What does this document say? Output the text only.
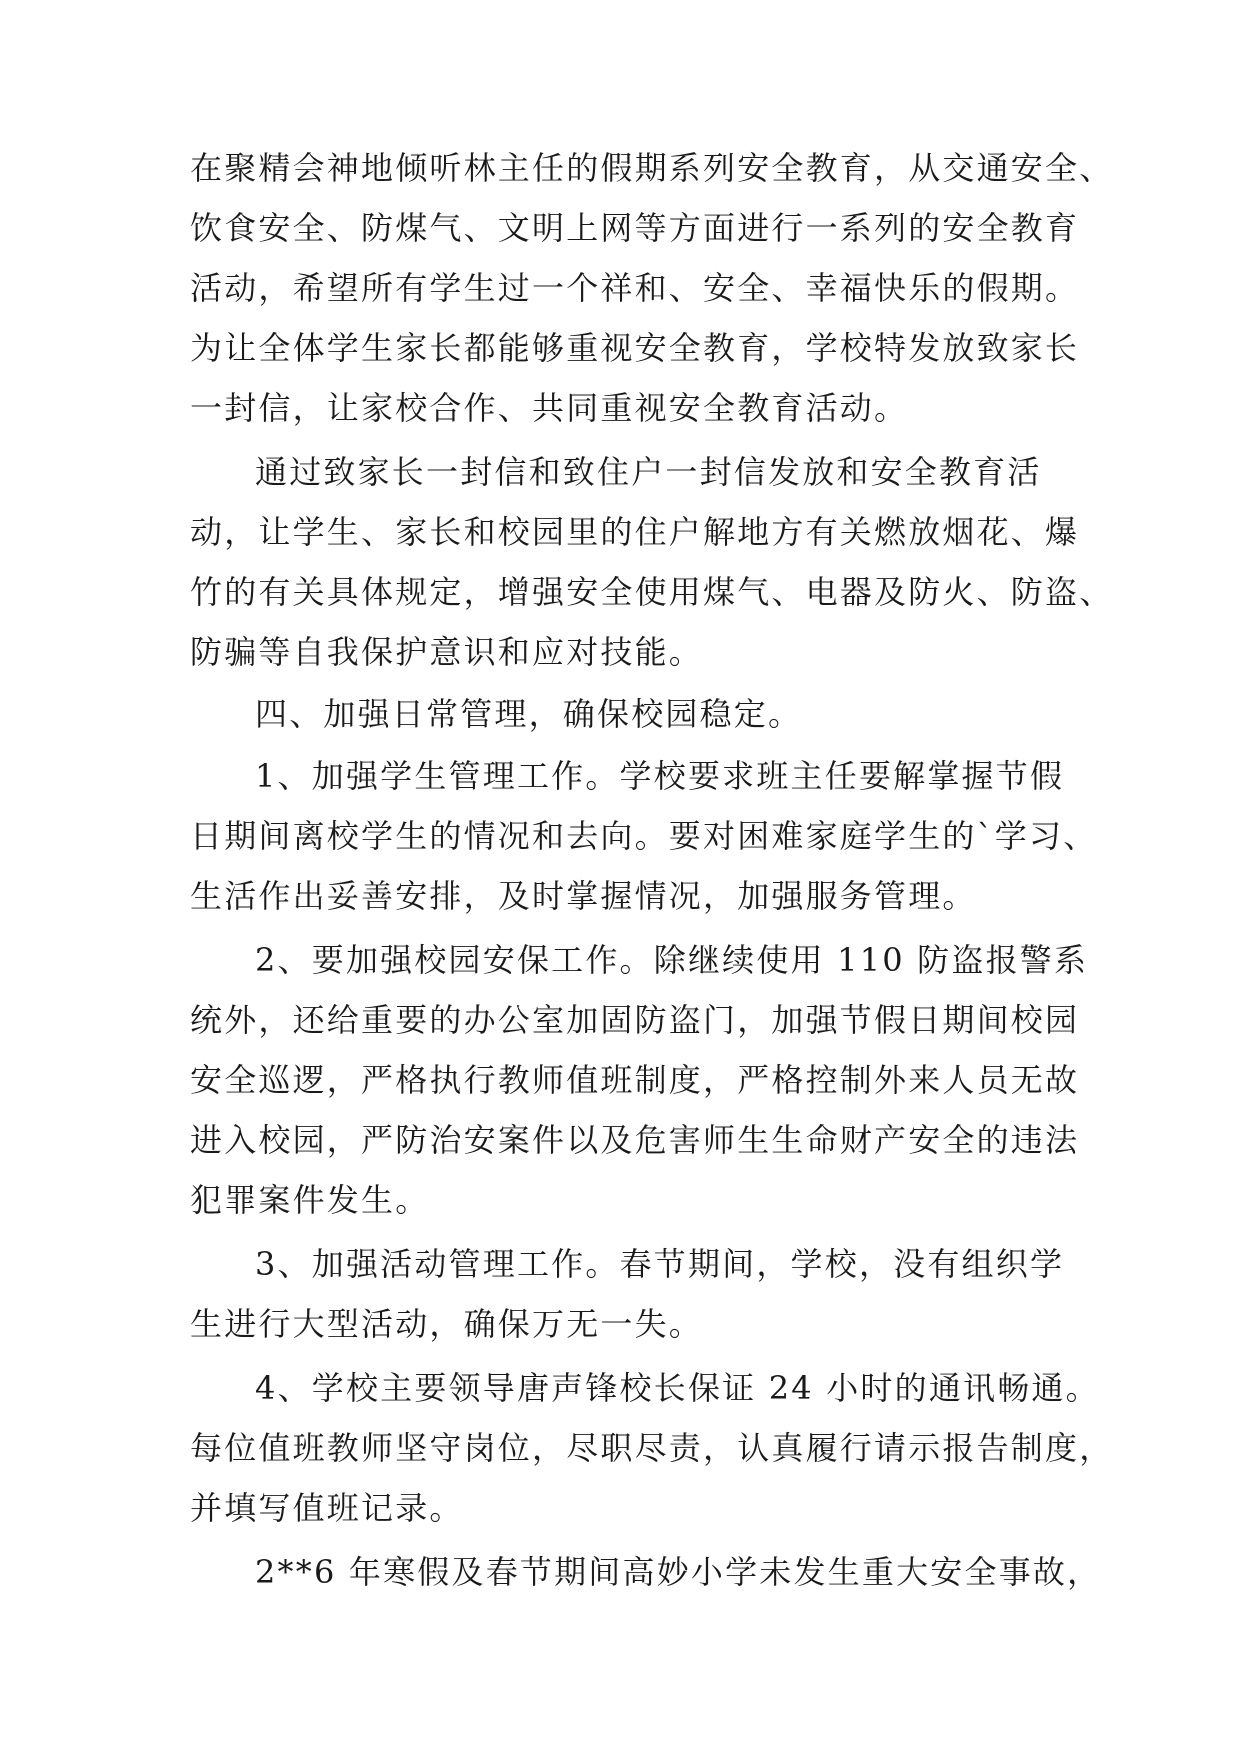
在聚精会神地倾听林主任的假期系列安全教育，从交通安全、

饮食安全、防煤气、文明上网等方面进行一系列的安全教育

活动，希望所有学生过一个祥和、安全、幸福快乐的假期。

为让全体学生家长都能够重视安全教育，学校特发放致家长

一封信，让家校合作、共同重视安全教育活动。

通过致家长一封信和致住户一封信发放和安全教育活

动，让学生、家长和校园里的住户解地方有关燃放烟花、爆

竹的有关具体规定，增强安全使用煤气、电器及防火、防盗、

防骗等自我保护意识和应对技能。

四、加强日常管理，确保校园稳定。

1、加强学生管理工作。学校要求班主任要解掌握节假

日期间离校学生的情况和去向。要对困难家庭学生的`学习、

生活作出妥善安排，及时掌握情况，加强服务管理。

2、要加强校园安保工作。除继续使用 110 防盗报警系

统外，还给重要的办公室加固防盗门，加强节假日期间校园

安全巡逻，严格执行教师值班制度，严格控制外来人员无故

进入校园，严防治安案件以及危害师生生命财产安全的违法

犯罪案件发生。

3、加强活动管理工作。春节期间，学校，没有组织学

生进行大型活动，确保万无一失。

4、学校主要领导唐声锋校长保证 24 小时的通讯畅通。

每位值班教师坚守岗位，尽职尽责，认真履行请示报告制度，

并填写值班记录。

2**6 年寒假及春节期间高妙小学未发生重大安全事故，
